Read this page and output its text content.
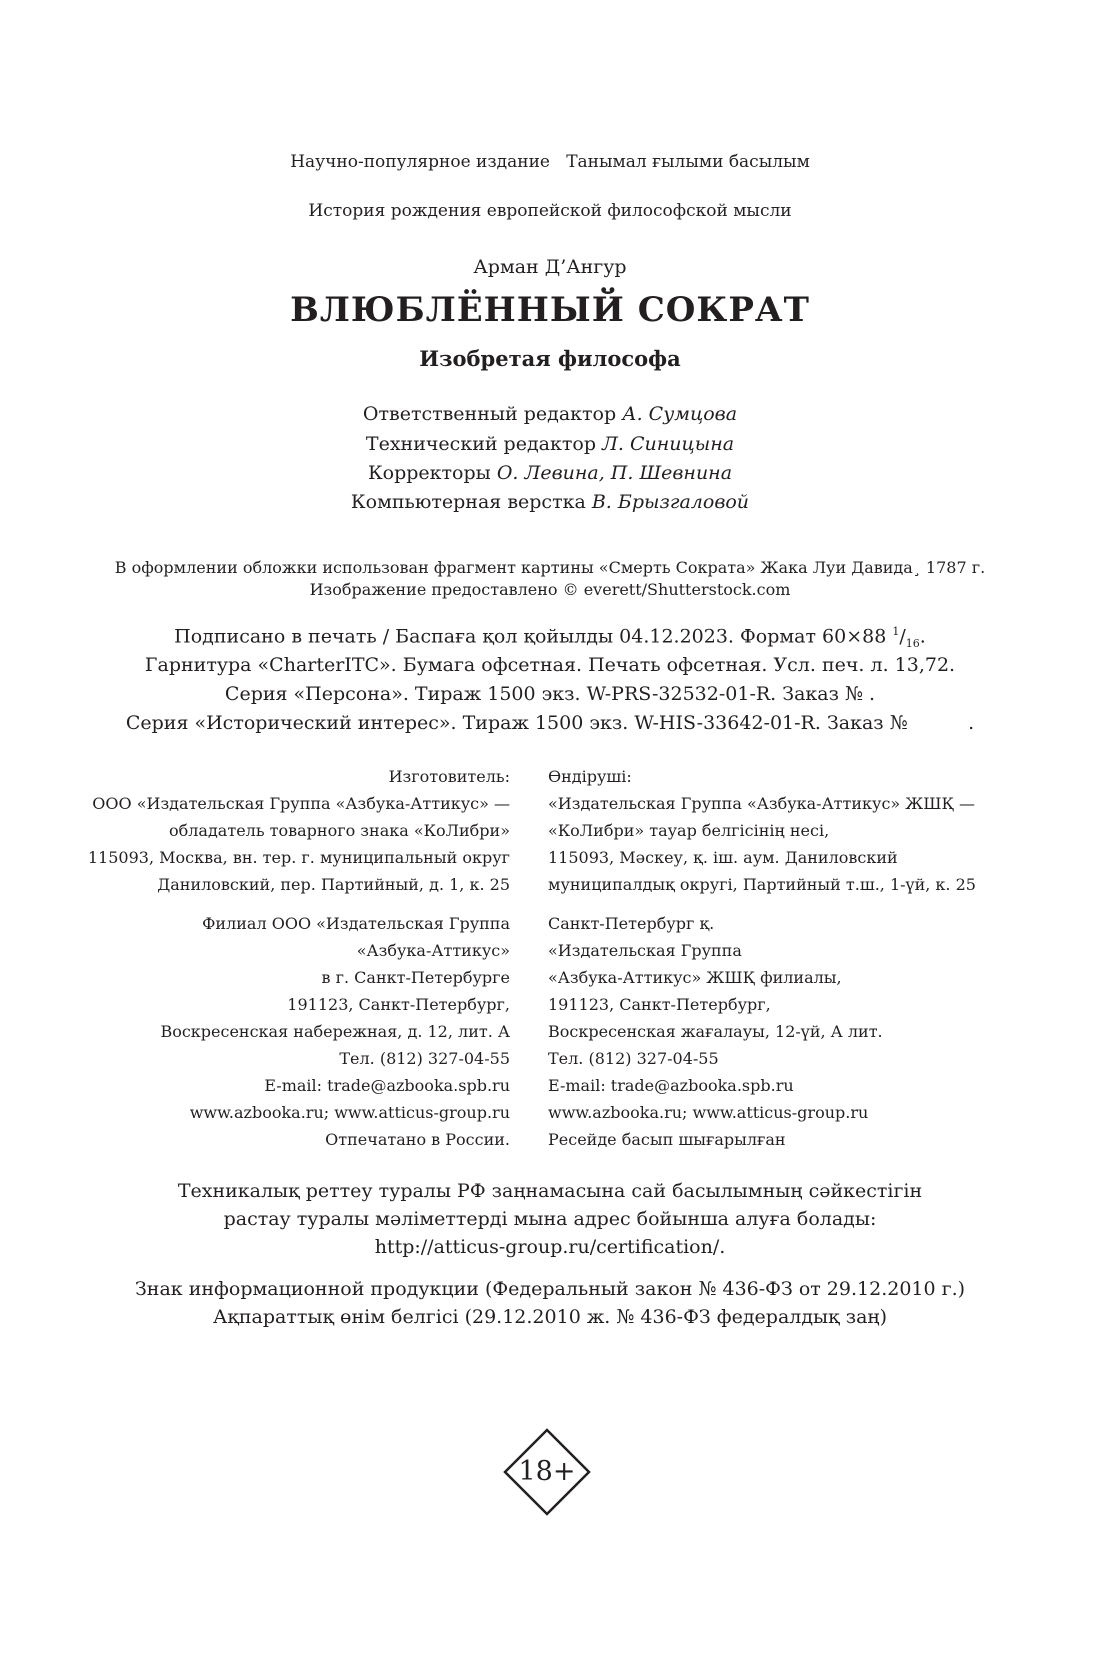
Научно-популярное издание Танымал ғылыми басылым
История рождения европейской философской мысли
Арман Д’Ангур
ВЛЮБЛЁННЫЙ СОКРАТ
Изобретая философа
Ответственный редактор А. Сумцова
Технический редактор Л. Синицына
Корректоры О. Левина, П. Шевнина
Компьютерная верстка В. Брызгаловой
В оформлении обложки использован фрагмент картины «Смерть Сократа» Жака Луи Давида¸ 1787 г.
Изображение предоставлено © everett/Shutterstock.com
Подписано в печать / Баспаға қол қойылды 04.12.2023. Формат 60×88 $^1/_{16}$.
Гарнитура «CharterITC». Бумага офсетная. Печать офсетная. Усл. печ. л. 13,72.
Серия «Персона». Тираж 1500 экз. W-PRS-32532-01-R. Заказ № .
Серия «Исторический интерес». Тираж 1500 экз. W-HIS-33642-01-R. Заказ №          .
Изготовитель:
ООО «Издательская Группа «Азбука-Аттикус» —
обладатель товарного знака «КоЛибри»
115093, Москва, вн. тер. г. муниципальный округ
Даниловский, пер. Партийный, д. 1, к. 25
Өндіруші:
«Издательская Группа «Азбука-Аттикус» ЖШҚ —
«КоЛибри» тауар белгісінің несі,
115093, Мәскеу, қ. іш. аум. Даниловский
муниципалдық округі, Партийный т.ш., 1-үй, к. 25
Филиал ООО «Издательская Группа
«Азбука-Аттикус»
в г. Санкт-Петербурге
191123, Санкт-Петербург,
Воскресенская набережная, д. 12, лит. А
Тел. (812) 327-04-55
E-mail: trade@azbooka.spb.ru
Санкт-Петербург қ.
«Издательская Группа
«Азбука-Аттикус» ЖШҚ филиалы,
191123, Санкт-Петербург,
Воскресенская жағалауы, 12-үй, А лит.
Тел. (812) 327-04-55
E-mail: trade@azbooka.spb.ru
www.azbooka.ru; www.atticus-group.ru
Отпечатано в России.
www.azbooka.ru; www.atticus-group.ru
Ресейде басып шығарылған
Техникалық реттеу туралы РФ заңнамасына сай басылымның сәйкестігін
растау туралы мәліметтерді мына адрес бойынша алуға болады:
http://atticus-group.ru/certification/.
Знак информационной продукции (Федеральный закон № 436-ФЗ от 29.12.2010 г.)
Ақпараттық өнім белгісі (29.12.2010 ж. № 436-ФЗ федералдық заң)
18+
